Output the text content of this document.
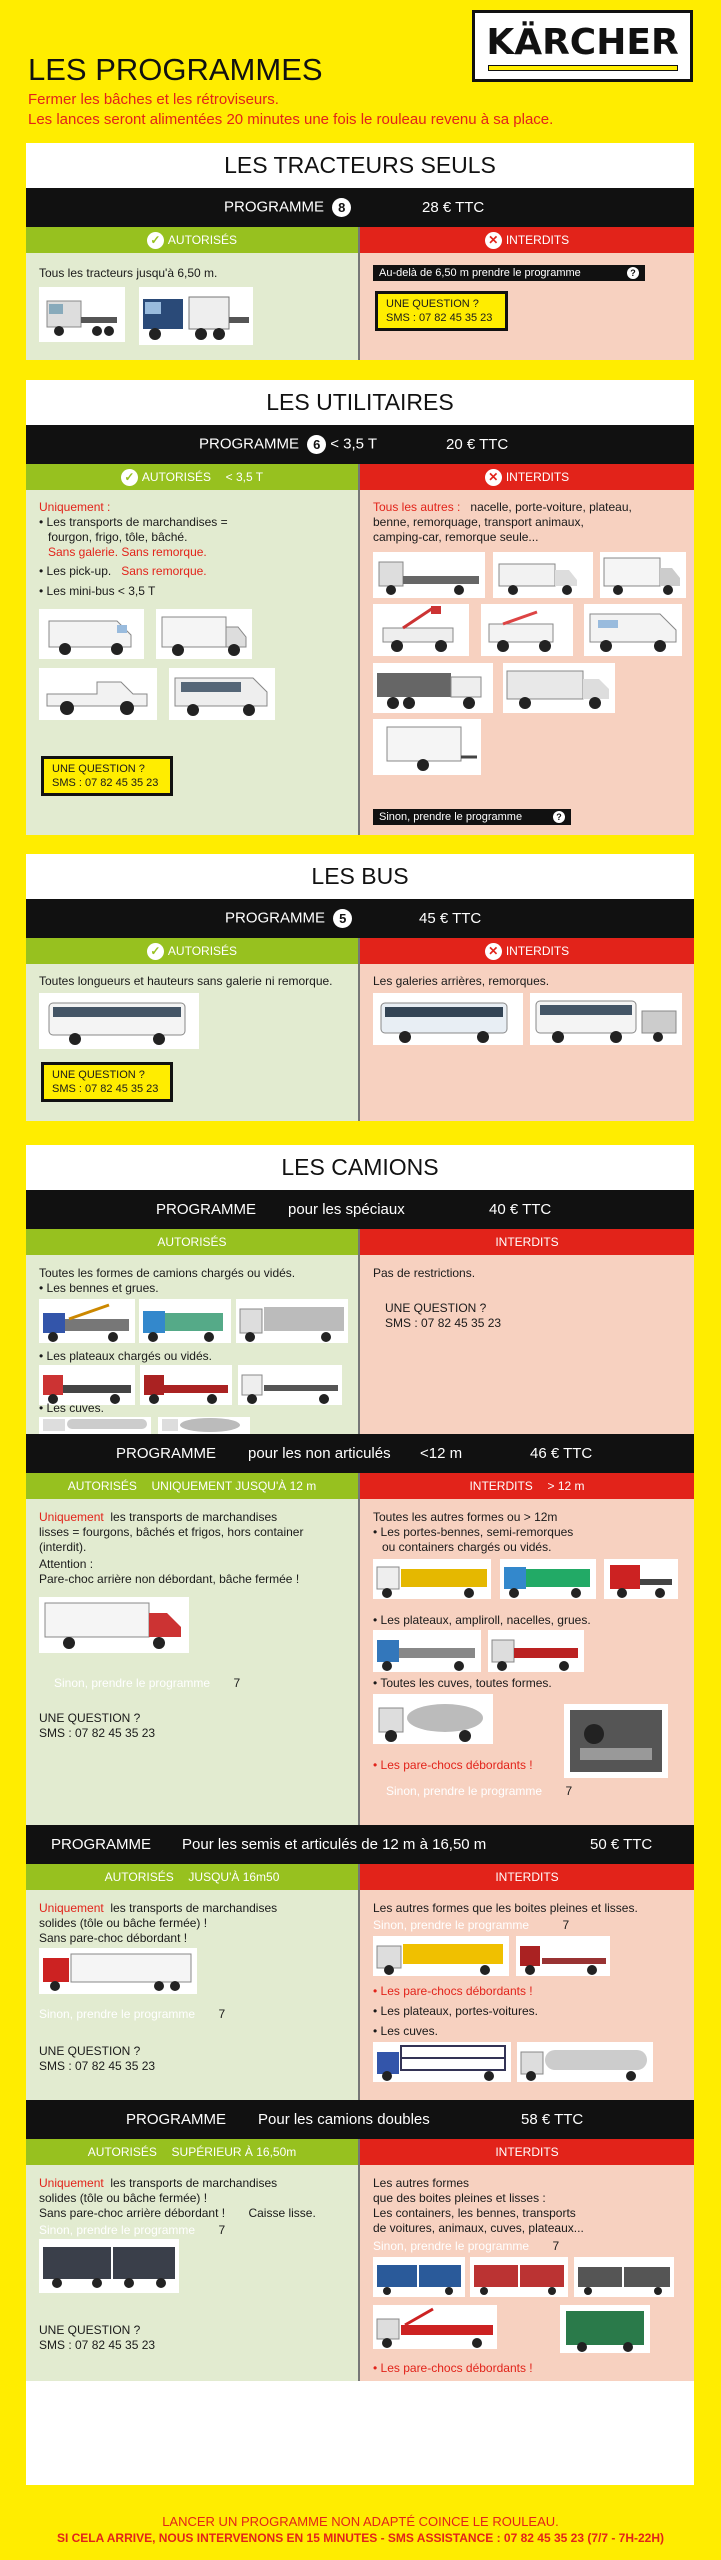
KÄRCHER
LES PROGRAMMES
Fermer les bâches et les rétroviseurs.
Les lances seront alimentées 20 minutes une fois le rouleau revenu à sa place.
LES TRACTEURS SEULS
PROGRAMME 8	28 € TTC
✓ AUTORISÉS
Tous les tracteurs jusqu'à 6,50 m.
✕ INTERDITS
Au-delà de 6,50 m prendre le programme	?
UNE QUESTION ?
SMS : 07 82 45 35 23
LES UTILITAIRES
PROGRAMME 6 < 3,5 T	20 € TTC
✓ AUTORISÉS
< 3,5 T
Uniquement :
• Les transports de marchandises =
fourgon, frigo, tôle, bâché.
Sans galerie. Sans remorque.
• Les pick-up. Sans remorque.
• Les mini-bus < 3,5 T
UNE QUESTION ?
SMS : 07 82 45 35 23
✕ INTERDITS
Tous les autres : nacelle, porte-voiture, plateau,
benne, remorquage, transport animaux,
camping-car, remorque seule...
Sinon, prendre le programme	?
LES BUS
PROGRAMME 5	45 € TTC
✓ AUTORISÉS
Toutes longueurs et hauteurs sans galerie ni remorque.
UNE QUESTION ?
SMS : 07 82 45 35 23
✕ INTERDITS
Les galeries arrières, remorques.
LES CAMIONS
PROGRAMME pour les spéciaux	40 € TTC
AUTORISÉS
Toutes les formes de camions chargés ou vidés.
• Les bennes et grues.
• Les plateaux chargés ou vidés.
• Les cuves.
INTERDITS
Pas de restrictions.
UNE QUESTION ?
SMS : 07 82 45 35 23
PROGRAMME pour les non articulés <12 m	46 € TTC
AUTORISÉS
UNIQUEMENT JUSQU'À 12 m
Uniquement les transports de marchandises
lisses = fourgons, bâchés et frigos, hors container
(interdit).
Attention :
Pare-choc arrière non débordant, bâche fermée !
Sinon, prendre le programme 7
UNE QUESTION ?
SMS : 07 82 45 35 23
INTERDITS
> 12 m
Toutes les autres formes ou > 12m
• Les portes-bennes, semi-remorques
ou containers chargés ou vidés.
• Les plateaux, ampliroll, nacelles, grues.
• Toutes les cuves, toutes formes.
• Les pare-chocs débordants !
Sinon, prendre le programme 7
PROGRAMME Pour les semis et articulés de 12 m à 16,50 m	50 € TTC
AUTORISÉS
JUSQU'À 16m50
Uniquement les transports de marchandises
solides (tôle ou bâche fermée) !
Sans pare-choc débordant !
Sinon, prendre le programme 7
UNE QUESTION ?
SMS : 07 82 45 35 23
INTERDITS
Les autres formes que les boites pleines et lisses.
Sinon, prendre le programme	7
• Les pare-chocs débordants !
• Les plateaux, portes-voitures.
• Les cuves.
PROGRAMME Pour les camions doubles	58 € TTC
AUTORISÉS
SUPÉRIEUR À 16,50m
Uniquement les transports de marchandises
solides (tôle ou bâche fermée) !
Sans pare-choc arrière débordant ! Caisse lisse.
Sinon, prendre le programme 7
UNE QUESTION ?
SMS : 07 82 45 35 23
INTERDITS
Les autres formes
que des boites pleines et lisses :
Les containers, les bennes, transports
de voitures, animaux, cuves, plateaux...
Sinon, prendre le programme 7
• Les pare-chocs débordants !
LANCER UN PROGRAMME NON ADAPTÉ COINCE LE ROULEAU.
SI CELA ARRIVE, NOUS INTERVENONS EN 15 MINUTES - SMS ASSISTANCE : 07 82 45 35 23 (7/7 - 7H-22H)
